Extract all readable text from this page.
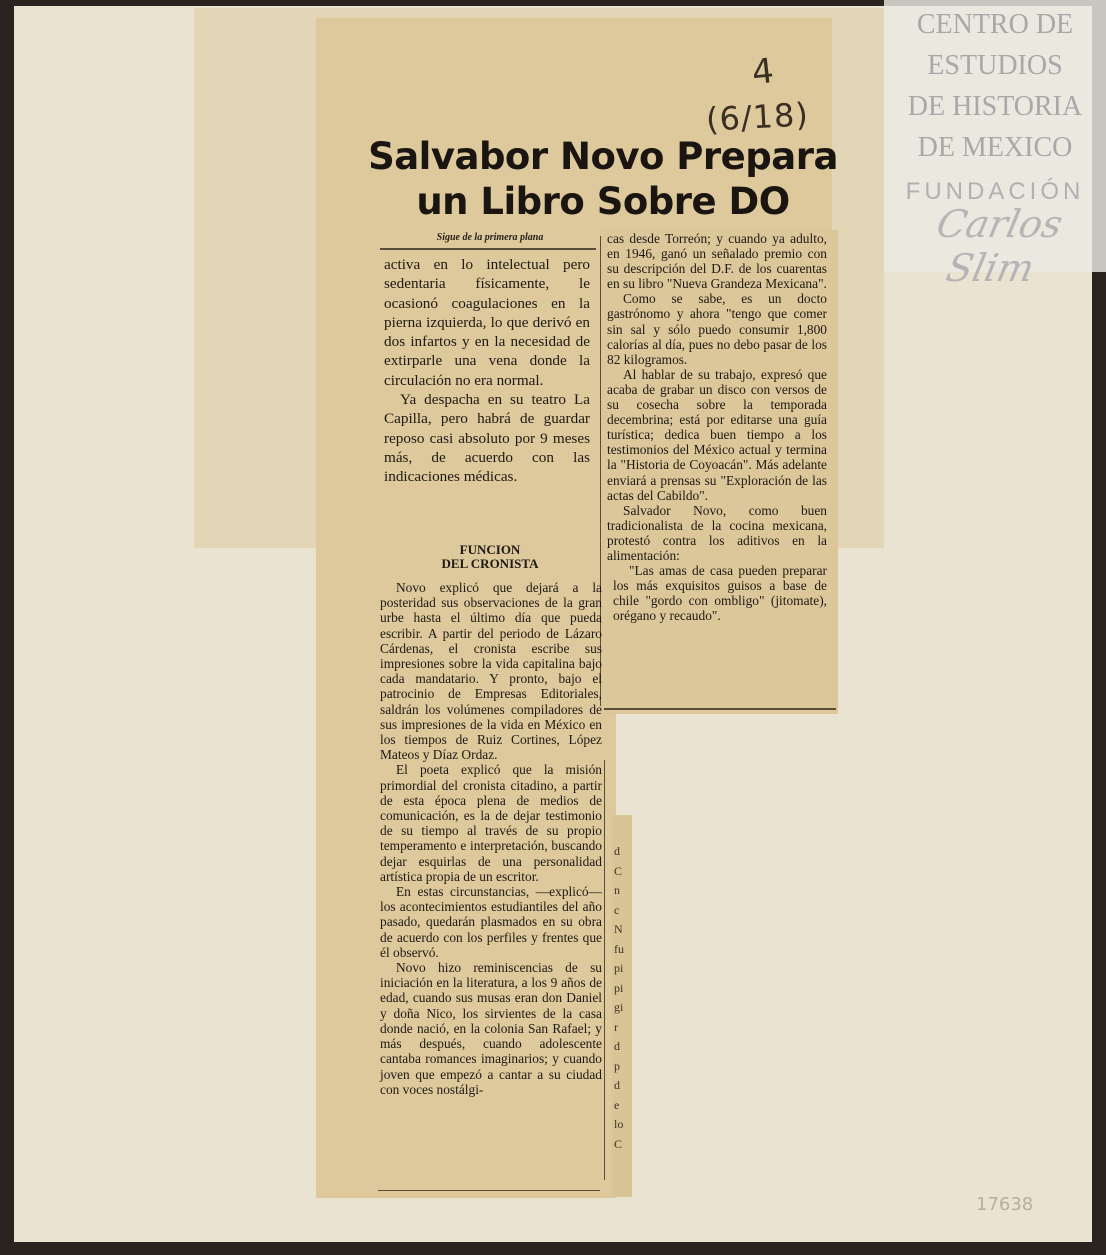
4
(6/18)
Salvabor Novo Prepara un Libro Sobre DO
Sigue de la primera plana

activa en lo intelectual pero sedentaria físicamente, le ocasionó coagulaciones en la pierna izquierda, lo que derivó en dos infartos y en la necesidad de extirparle una vena donde la circulación no era normal.

Ya despacha en su teatro La Capilla, pero habrá de guardar reposo casi absoluto por 9 meses más, de acuerdo con las indicaciones médicas.

FUNCION
DEL CRONISTA

Novo explicó que dejará a la posteridad sus observaciones de la gran urbe hasta el último día que pueda escribir. A partir del periodo de Lázaro Cárdenas, el cronista escribe sus impresiones sobre la vida capitalina bajo cada mandatario. Y pronto, bajo el patrocinio de Empresas Editoriales, saldrán los volúmenes compiladores de sus impresiones de la vida en México en los tiempos de Ruiz Cortines, López Mateos y Díaz Ordaz.

El poeta explicó que la misión primordial del cronista citadino, a partir de esta época plena de medios de comunicación, es la de dejar testimonio de su tiempo al través de su propio temperamento e interpretación, buscando dejar esquirlas de una personalidad artística propia de un escritor.

En estas circunstancias, —explicó— los acontecimientos estudiantiles del año pasado, quedarán plasmados en su obra de acuerdo con los perfiles y frentes que él observó.

Novo hizo reminiscencias de su iniciación en la literatura, a los 9 años de edad, cuando sus musas eran don Daniel y doña Nico, los sirvientes de la casa donde nació, en la colonia San Rafael; y más después, cuando adolescente cantaba romances imaginarios; y cuando joven que empezó a cantar a su ciudad con voces nostálgi-

cas desde Torreón; y cuando ya adulto, en 1946, ganó un señalado premio con su descripción del D.F. de los cuarentas en su libro "Nueva Grandeza Mexicana".

Como se sabe, es un docto gastrónomo y ahora "tengo que comer sin sal y sólo puedo consumir 1,800 calorías al día, pues no debo pasar de los 82 kilogramos.

Al hablar de su trabajo, expresó que acaba de grabar un disco con versos de su cosecha sobre la temporada decembrina; está por editarse una guía turística; dedica buen tiempo a los testimonios del México actual y termina la "Historia de Coyoacán". Más adelante enviará a prensas su "Exploración de las actas del Cabildo".

Salvador Novo, como buen tradicionalista de la cocina mexicana, protestó contra los aditivos en la alimentación:

"Las amas de casa pueden preparar los más exquisitos guisos a base de chile "gordo con ombligo" (jitomate), orégano y recaudo".

d
C
n
c
N
fu
pi
pi
gi
r
d
p
d
e
lo
C
CENTRO DE
ESTUDIOS
DE HISTORIA
DE MEXICO
FUNDACIÓN
Carlos Slim
17638
